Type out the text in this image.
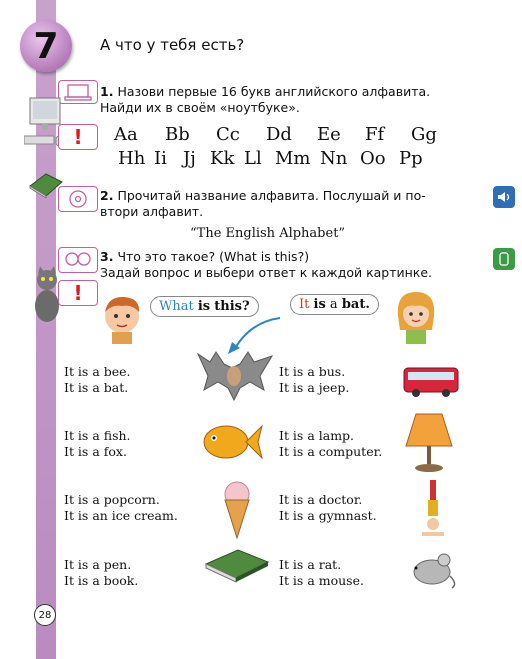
7	А что у тебя есть?
1. Назови первые 16 букв английского алфавита.
Найди их в своём «ноутбуке».
! Aa Bb Cc Dd Ee Ff Gg
Hh Ii Jj Kk Ll Mm Nn Oo Pp
2. Прочитай название алфавита. Послушай и по-
втори алфавит.
“The English Alphabet”
3. Что это такое? (What is this?)
Задай вопрос и выбери ответ к каждой картинке.
!
What is this?	It is a bat.
It is a bee.
It is a bat.
It is a bus.
It is a jeep.
It is a fish.
It is a fox.
It is a lamp.
It is a computer.
It is a popcorn.
It is an ice cream.
It is a doctor.
It is a gymnast.
It is a pen.
It is a book.
It is a rat.
It is a mouse.
28
